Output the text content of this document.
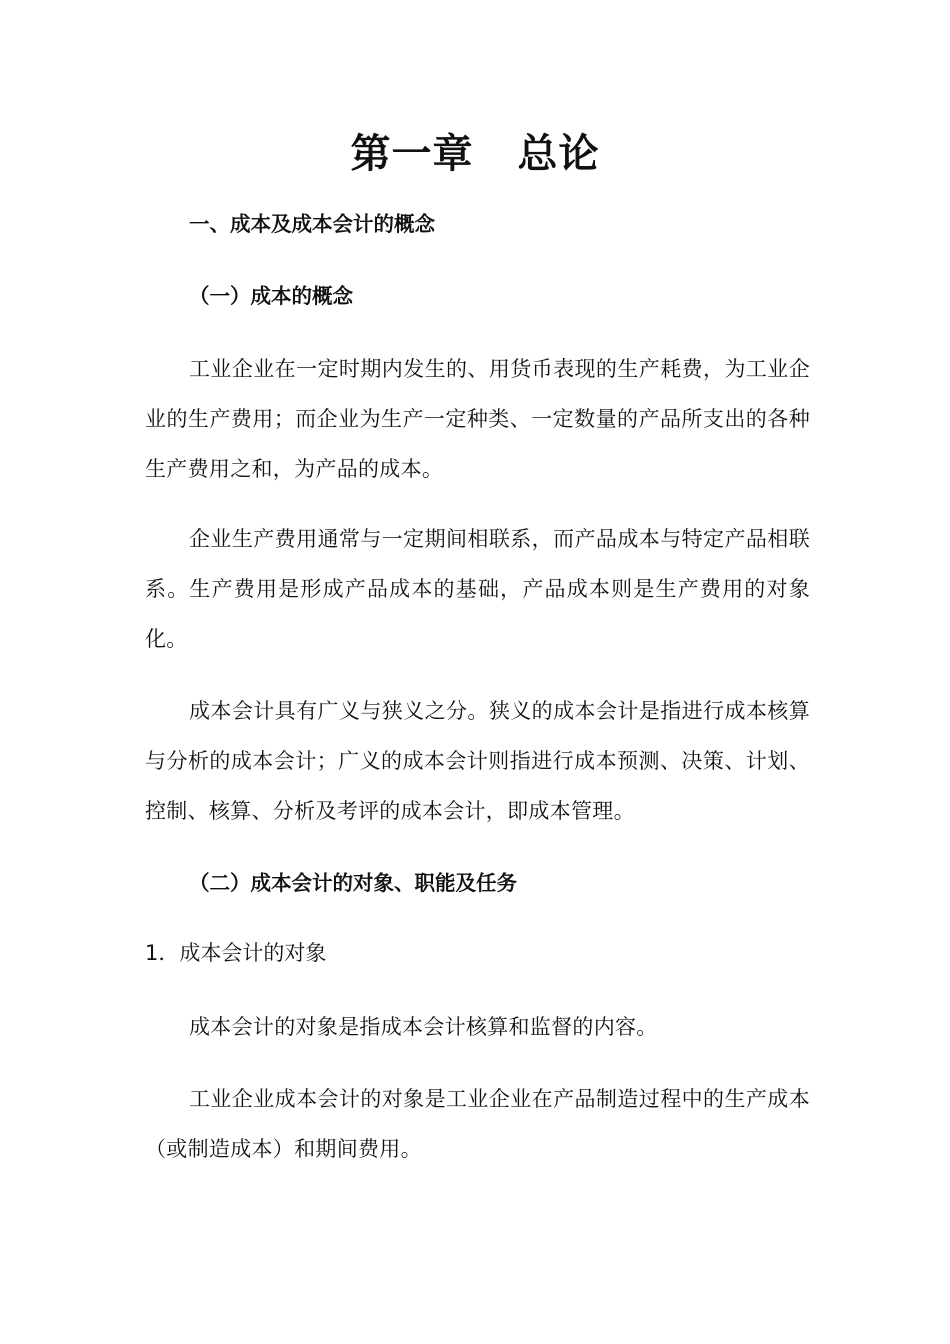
第一章 总论
一、成本及成本会计的概念
（一）成本的概念

工业企业在一定时期内发生的、用货币表现的生产耗费，为工业企业的生产费用；而企业为生产一定种类、一定数量的产品所支出的各种生产费用之和，为产品的成本。

企业生产费用通常与一定期间相联系，而产品成本与特定产品相联系。生产费用是形成产品成本的基础，产品成本则是生产费用的对象化。

成本会计具有广义与狭义之分。狭义的成本会计是指进行成本核算与分析的成本会计；广义的成本会计则指进行成本预测、决策、计划、控制、核算、分析及考评的成本会计，即成本管理。

（二）成本会计的对象、职能及任务
1．成本会计的对象

成本会计的对象是指成本会计核算和监督的内容。

工业企业成本会计的对象是工业企业在产品制造过程中的生产成本（或制造成本）和期间费用。
